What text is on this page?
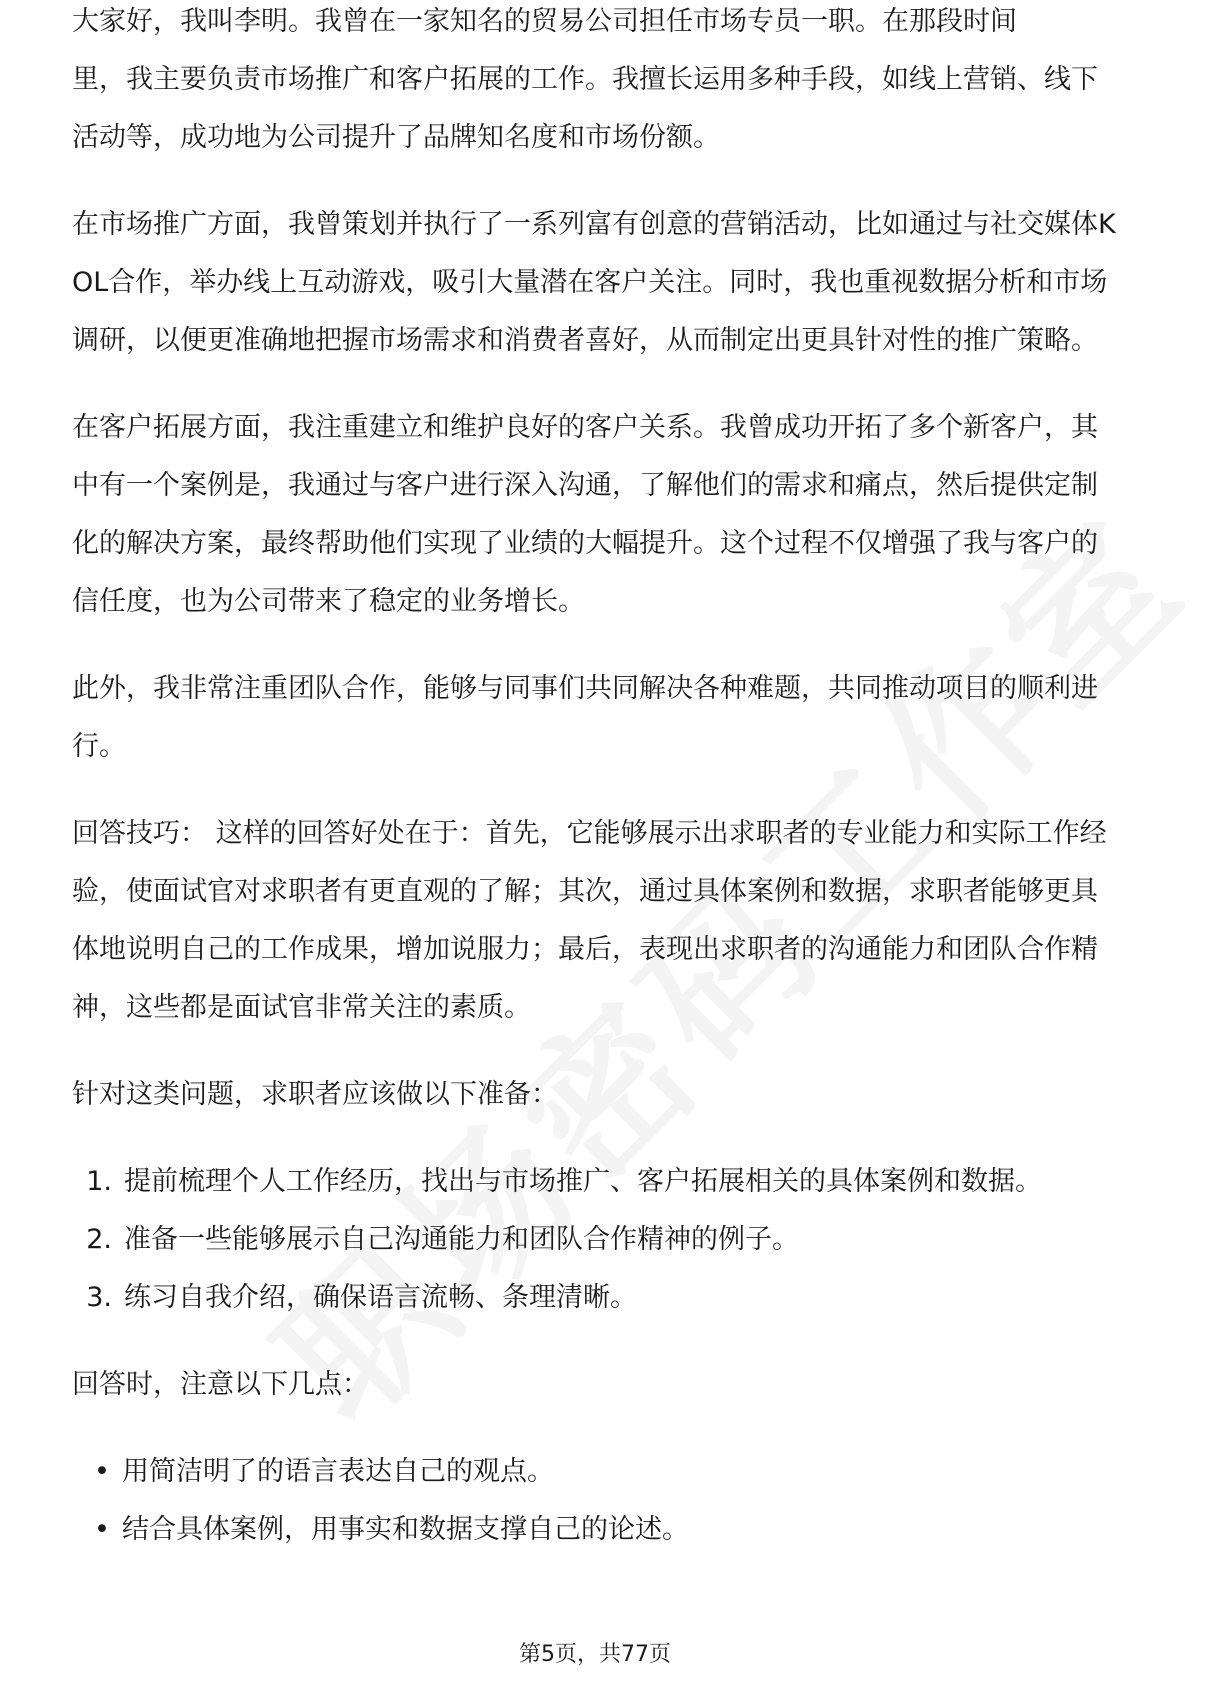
大家好，我叫李明。我曾在一家知名的贸易公司担任市场专员一职。在那段时间

里，我主要负责市场推广和客户拓展的工作。我擅长运用多种手段，如线上营销、线下活动等，成功地为公司提升了品牌知名度和市场份额。

在市场推广方面，我曾策划并执行了一系列富有创意的营销活动，比如通过与社交媒体KOL合作，举办线上互动游戏，吸引大量潜在客户关注。同时，我也重视数据分析和市场调研，以便更准确地把握市场需求和消费者喜好，从而制定出更具针对性的推广策略。

在客户拓展方面，我注重建立和维护良好的客户关系。我曾成功开拓了多个新客户，其中有一个案例是，我通过与客户进行深入沟通，了解他们的需求和痛点，然后提供定制化的解决方案，最终帮助他们实现了业绩的大幅提升。这个过程不仅增强了我与客户的信任度，也为公司带来了稳定的业务增长。

此外，我非常注重团队合作，能够与同事们共同解决各种难题，共同推动项目的顺利进行。

回答技巧： 这样的回答好处在于：首先，它能够展示出求职者的专业能力和实际工作经验，使面试官对求职者有更直观的了解；其次，通过具体案例和数据，求职者能够更具体地说明自己的工作成果，增加说服力；最后，表现出求职者的沟通能力和团队合作精神，这些都是面试官非常关注的素质。

针对这类问题，求职者应该做以下准备：

1. 提前梳理个人工作经历，找出与市场推广、客户拓展相关的具体案例和数据。
2. 准备一些能够展示自己沟通能力和团队合作精神的例子。
3. 练习自我介绍，确保语言流畅、条理清晰。

回答时，注意以下几点：

• 用简洁明了的语言表达自己的观点。
• 结合具体案例，用事实和数据支撑自己的论述。
第5页，共77页
